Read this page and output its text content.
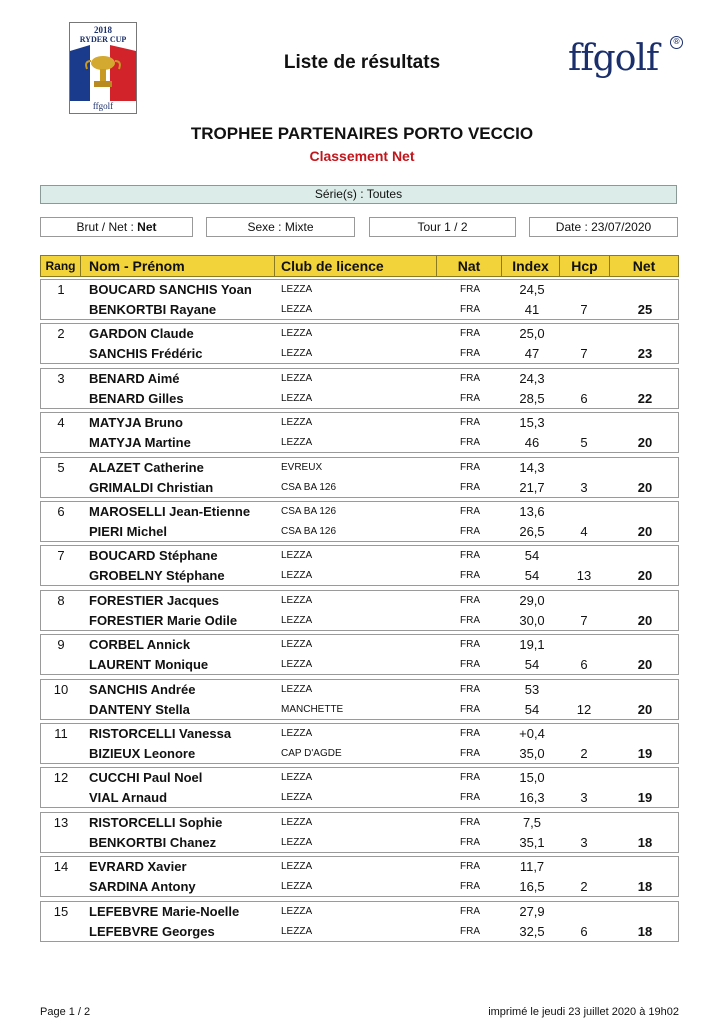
2018
RYDER CUP
ffgolf
Liste de résultats	ffgolf	®
TROPHEE PARTENAIRES PORTO VECCIO
Classement Net
Série(s) : Toutes
Brut / Net : Net	Sexe : Mixte	Tour 1 / 2	Date : 23/07/2020
Rang Nom - Prénom	Club de licence	Nat	Index	Hcp	Net
1	BOUCARD SANCHIS Yoan	LEZZA	FRA	24,5
BENKORTBI Rayane	LEZZA	FRA	41	7	25
2	GARDON Claude	LEZZA	FRA	25,0
SANCHIS Frédéric	LEZZA	FRA	47	7	23
3	BENARD Aimé	LEZZA	FRA	24,3
BENARD Gilles	LEZZA	FRA	28,5	6	22
4	MATYJA Bruno	LEZZA	FRA	15,3
MATYJA Martine	LEZZA	FRA	46	5	20
5	ALAZET Catherine	EVREUX	FRA	14,3
GRIMALDI Christian	CSA BA 126	FRA	21,7	3	20
6	MAROSELLI Jean-Etienne	CSA BA 126	FRA	13,6
PIERI Michel	CSA BA 126	FRA	26,5	4	20
7	BOUCARD Stéphane	LEZZA	FRA	54
GROBELNY Stéphane	LEZZA	FRA	54	13	20
8	FORESTIER Jacques	LEZZA	FRA	29,0
FORESTIER Marie Odile	LEZZA	FRA	30,0	7	20
9	CORBEL Annick	LEZZA	FRA	19,1
LAURENT Monique	LEZZA	FRA	54	6	20
10	SANCHIS Andrée	LEZZA	FRA	53
DANTENY Stella	MANCHETTE	FRA	54	12	20
11	RISTORCELLI Vanessa	LEZZA	FRA	+0,4
BIZIEUX Leonore	CAP D'AGDE	FRA	35,0	2	19
12	CUCCHI Paul Noel	LEZZA	FRA	15,0
VIAL Arnaud	LEZZA	FRA	16,3	3	19
13	RISTORCELLI Sophie	LEZZA	FRA	7,5
BENKORTBI Chanez	LEZZA	FRA	35,1	3	18
14	EVRARD Xavier	LEZZA	FRA	11,7
SARDINA Antony	LEZZA	FRA	16,5	2	18
15	LEFEBVRE Marie-Noelle	LEZZA	FRA	27,9
LEFEBVRE Georges	LEZZA	FRA	32,5	6	18
Page 1 / 2	imprimé le jeudi 23 juillet 2020 à 19h02
